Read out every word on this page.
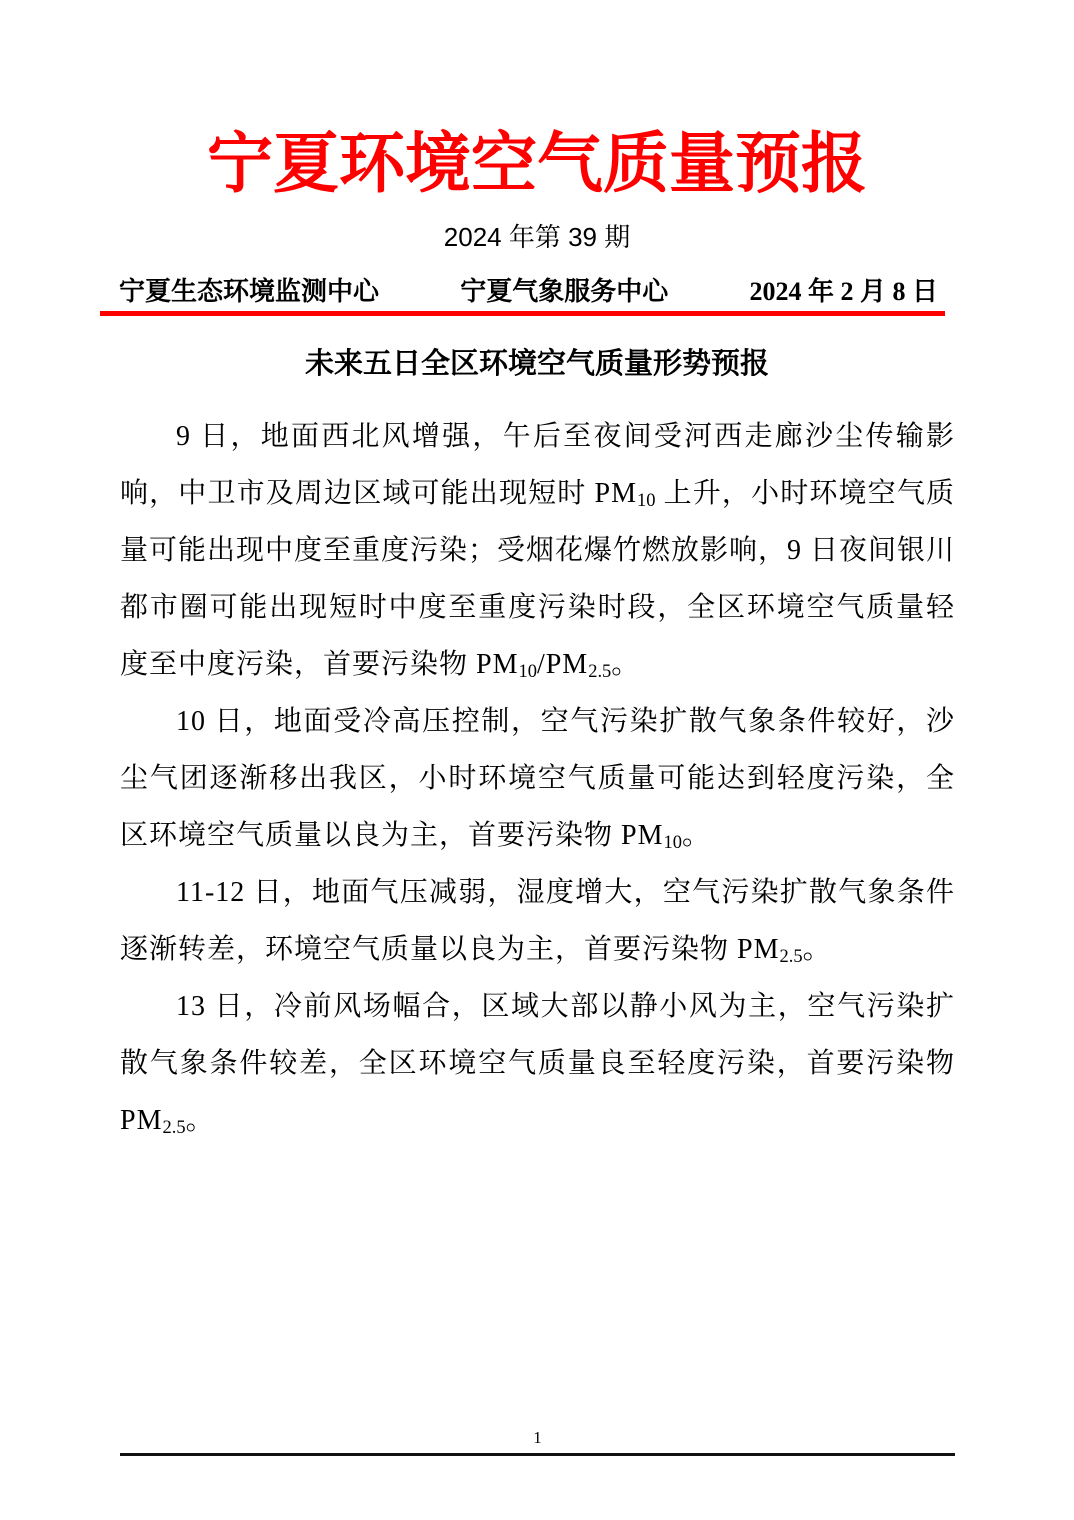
宁夏环境空气质量预报
2024 年第 39 期
宁夏生态环境监测中心	宁夏气象服务中心	2024 年 2 月 8 日
未来五日全区环境空气质量形势预报

9 日，地面西北风增强，午后至夜间受河西走廊沙尘传输影响，中卫市及周边区域可能出现短时 $PM_{10}$ 上升，小时环境空气质量可能出现中度至重度污染；受烟花爆竹燃放影响，9 日夜间银川都市圈可能出现短时中度至重度污染时段，全区环境空气质量轻度至中度污染，首要污染物 $PM_{10}/PM_{2.5}$。

10 日，地面受冷高压控制，空气污染扩散气象条件较好，沙尘气团逐渐移出我区，小时环境空气质量可能达到轻度污染，全区环境空气质量以良为主，首要污染物 $PM_{10}$。

11-12 日，地面气压减弱，湿度增大，空气污染扩散气象条件逐渐转差，环境空气质量以良为主，首要污染物 $PM_{2.5}$。

13 日，冷前风场幅合，区域大部以静小风为主，空气污染扩散气象条件较差，全区环境空气质量良至轻度污染，首要污染物 $PM_{2.5}$。

1
